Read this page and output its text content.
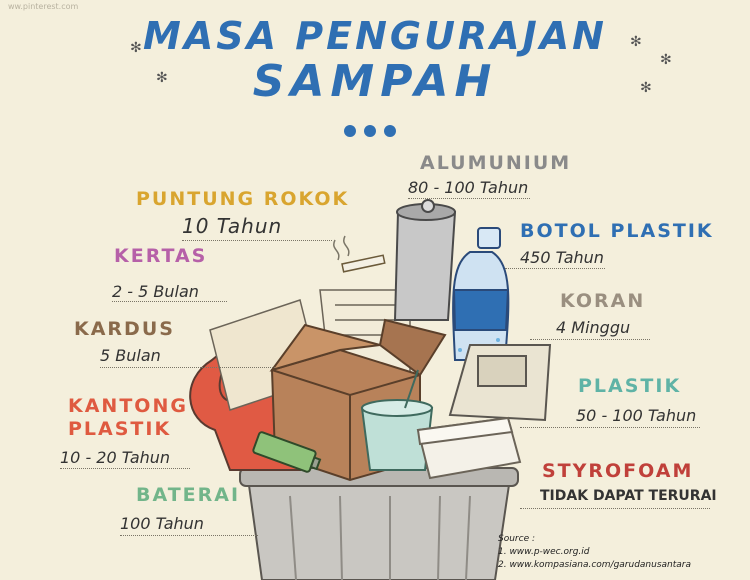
ww.pinterest.com
MASA PENGURAJAN
SAMPAH
✻
✻
✻
✻
✻
PUNTUNG ROKOK
10 Tahun
KERTAS
2 - 5 Bulan
KARDUS
5 Bulan
KANTONG
PLASTIK
10 - 20 Tahun
BATERAI
100 Tahun
ALUMUNIUM
80 - 100 Tahun
BOTOL PLASTIK
450 Tahun
KORAN
4 Minggu
PLASTIK
50 - 100 Tahun
STYROFOAM
TIDAK DAPAT TERURAI
Source :
1. www.p-wec.org.id
2. www.kompasiana.com/garudanusantara
